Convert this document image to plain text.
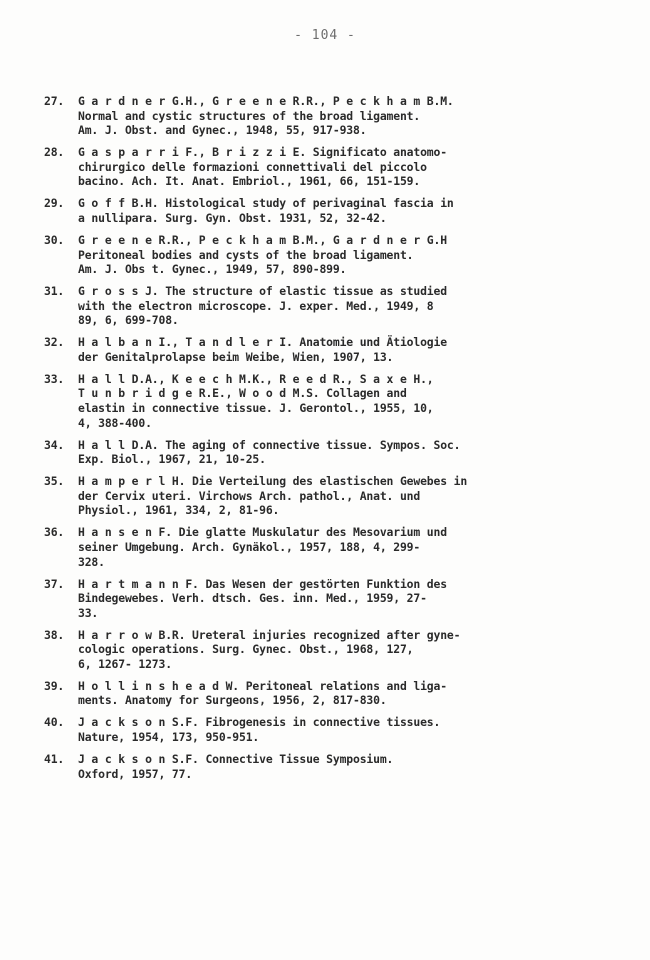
- 104 -
27. G a r d n e r G.H., G r e e n e R.R., P e c k h a m B.M.
Normal and cystic structures of the broad ligament.
Am. J. Obst. and Gynec., 1948, 55, 917-938.
28. G a s p a r r i F., B r i z z i E. Significato anatomo-
chirurgico delle formazioni connettivali del piccolo
bacino. Ach. It. Anat. Embriol., 1961, 66, 151-159.
29. G o f f B.H. Histological study of perivaginal fascia in
a nullipara. Surg. Gyn. Obst. 1931, 52, 32-42.
30. G r e e n e R.R., P e c k h a m B.M., G a r d n e r G.H
Peritoneal bodies and cysts of the broad ligament.
Am. J. Obs t. Gynec., 1949, 57, 890-899.
31. G r o s s J. The structure of elastic tissue as studied
with the electron microscope. J. exper. Med., 1949, 8
89, 6, 699-708.
32. H a l b a n I., T a n d l e r I. Anatomie und Ätiologie
der Genitalprolapse beim Weibe, Wien, 1907, 13.
33. H a l l D.A., K e e c h M.K., R e e d R., S a x e H.,
T u n b r i d g e R.E., W o o d M.S. Collagen and
elastin in connective tissue. J. Gerontol., 1955, 10,
4, 388-400.
34. H a l l D.A. The aging of connective tissue. Sympos. Soc.
Exp. Biol., 1967, 21, 10-25.
35. H a m p e r l H. Die Verteilung des elastischen Gewebes in
der Cervix uteri. Virchows Arch. pathol., Anat. und
Physiol., 1961, 334, 2, 81-96.
36. H a n s e n F. Die glatte Muskulatur des Mesovarium und
seiner Umgebung. Arch. Gynäkol., 1957, 188, 4, 299-
328.
37. H a r t m a n n F. Das Wesen der gestörten Funktion des
Bindegewebes. Verh. dtsch. Ges. inn. Med., 1959, 27-
33.
38. H a r r o w B.R. Ureteral injuries recognized after gyne-
cologic operations. Surg. Gynec. Obst., 1968, 127,
6, 1267- 1273.
39. H o l l i n s h e a d W. Peritoneal relations and liga-
ments. Anatomy for Surgeons, 1956, 2, 817-830.
40. J a c k s o n S.F. Fibrogenesis in connective tissues.
Nature, 1954, 173, 950-951.
41. J a c k s o n S.F. Connective Tissue Symposium.
Oxford, 1957, 77.
